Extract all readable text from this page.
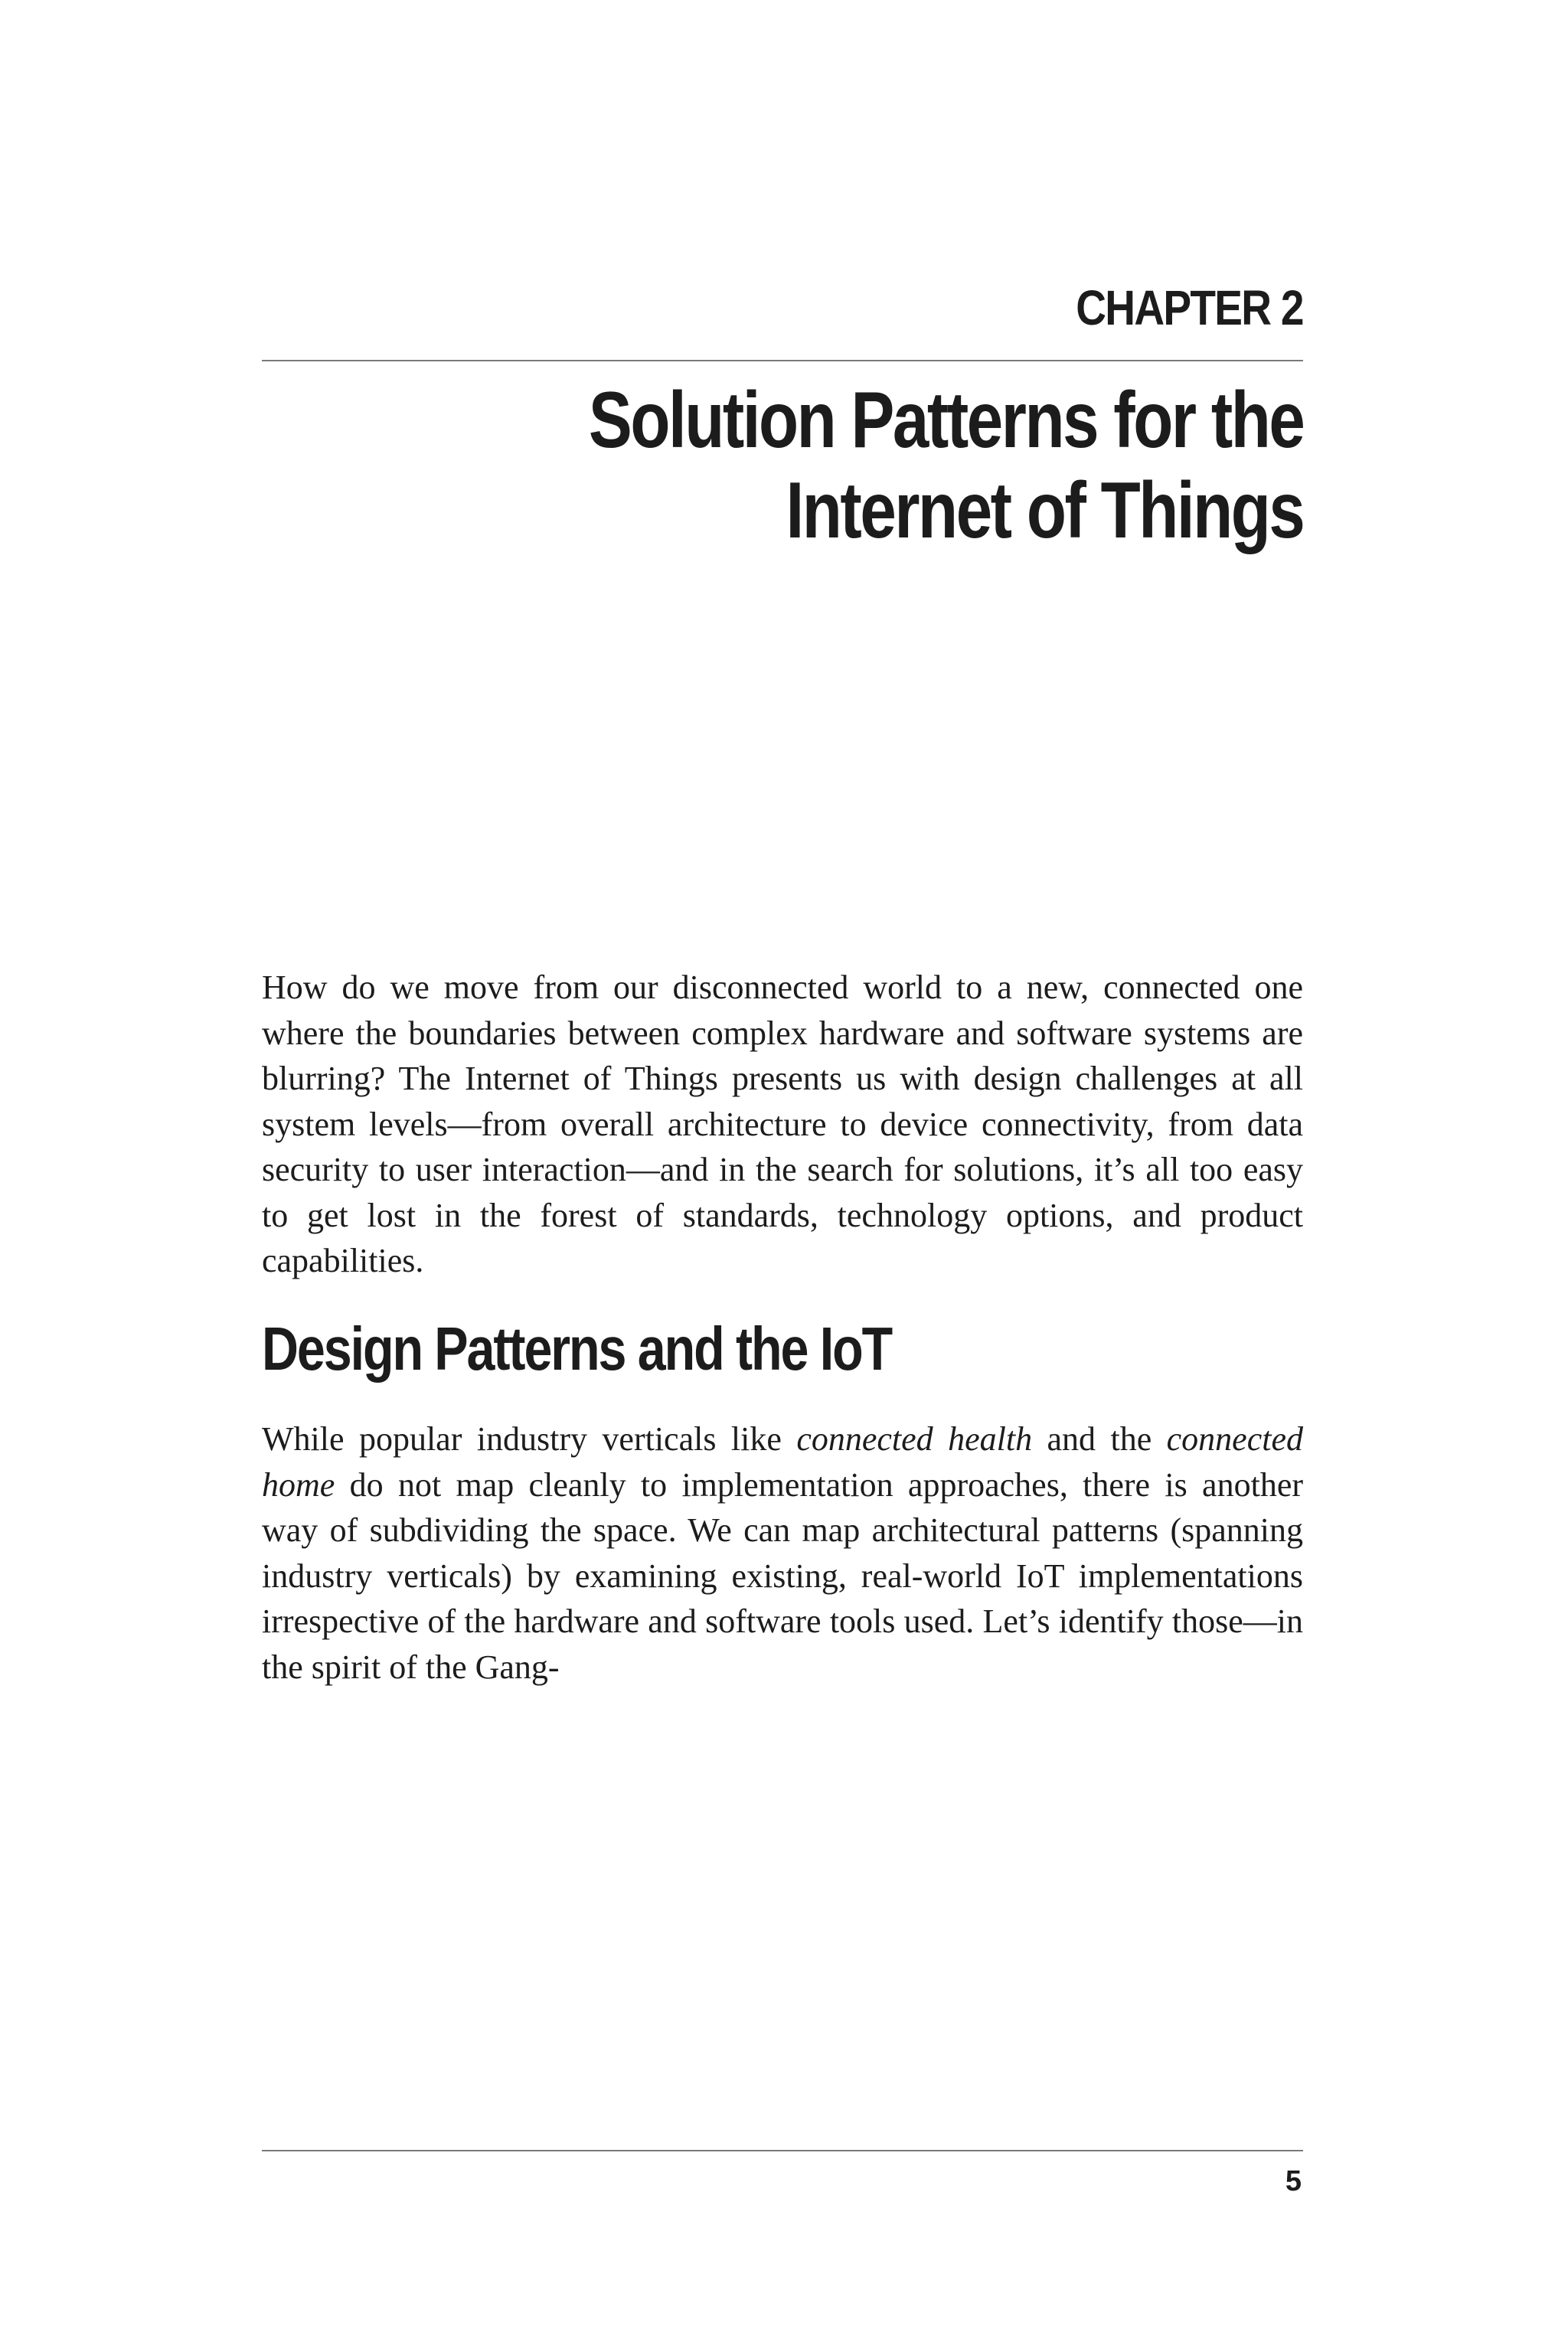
CHAPTER 2
Solution Patterns for the
Internet of Things

How do we move from our disconnected world to a new, connected one where the boundaries between complex hardware and software systems are blurring? The Internet of Things presents us with design challenges at all system levels—from overall architecture to device connectivity, from data security to user interaction—and in the search for solutions, it’s all too easy to get lost in the forest of standards, technology options, and product capabilities.

Design Patterns and the IoT

While popular industry verticals like connected health and the connected home do not map cleanly to implementation approaches, there is another way of subdividing the space. We can map architectural patterns (spanning industry verticals) by examining existing, real-world IoT implementations irrespective of the hardware and software tools used. Let’s identify those—in the spirit of the Gang-

5
